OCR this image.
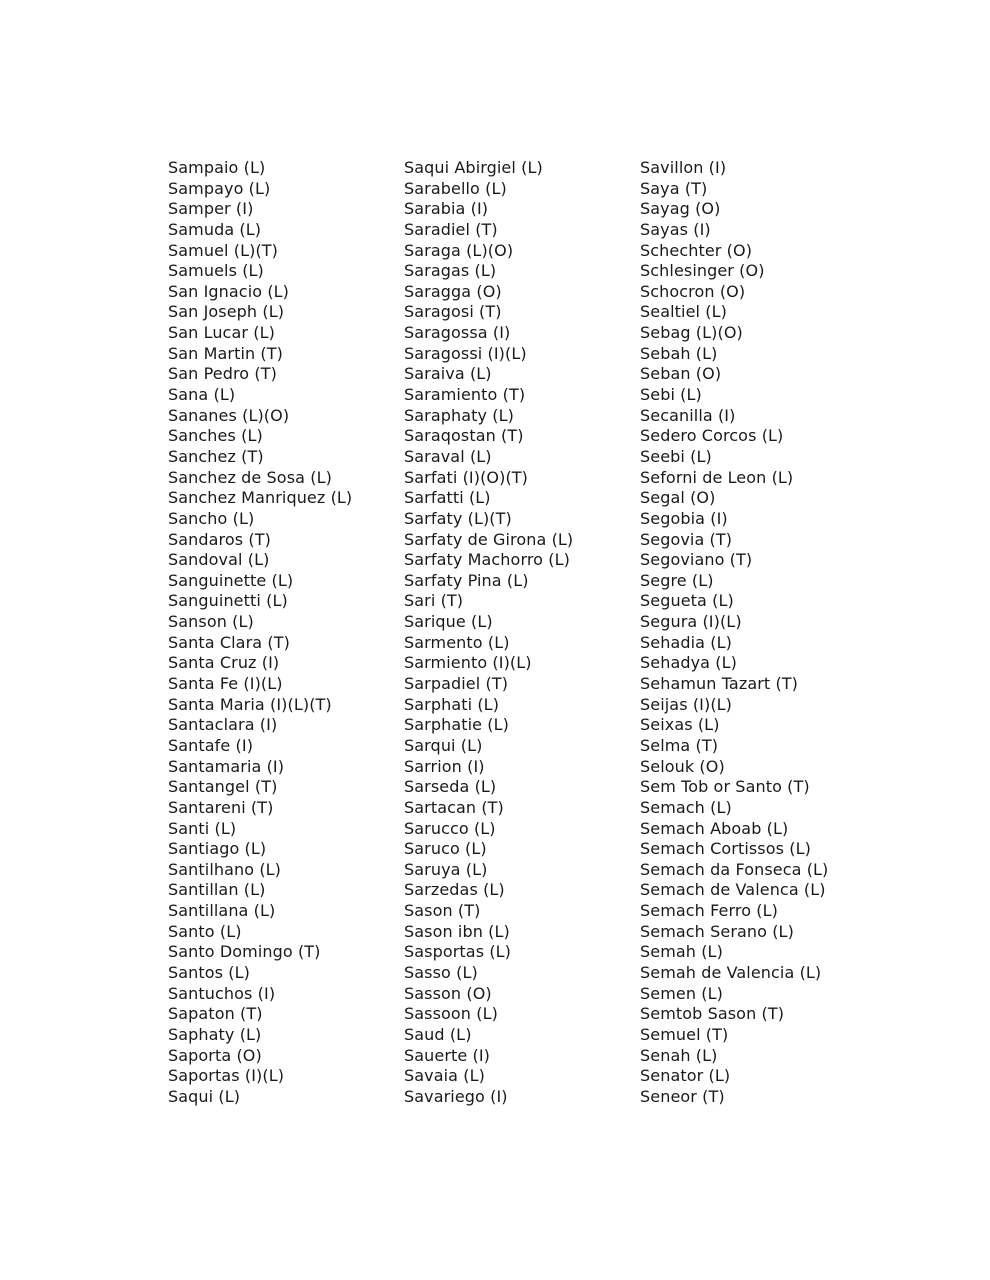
Sampaio (L)
Sampayo (L)
Samper (I)
Samuda (L)
Samuel (L)(T)
Samuels (L)
San Ignacio (L)
San Joseph (L)
San Lucar (L)
San Martin (T)
San Pedro (T)
Sana (L)
Sananes (L)(O)
Sanches (L)
Sanchez (T)
Sanchez de Sosa (L)
Sanchez Manriquez (L)
Sancho (L)
Sandaros (T)
Sandoval (L)
Sanguinette (L)
Sanguinetti (L)
Sanson (L)
Santa Clara (T)
Santa Cruz (I)
Santa Fe (I)(L)
Santa Maria (I)(L)(T)
Santaclara (I)
Santafe (I)
Santamaria (I)
Santangel (T)
Santareni (T)
Santi (L)
Santiago (L)
Santilhano (L)
Santillan (L)
Santillana (L)
Santo (L)
Santo Domingo (T)
Santos (L)
Santuchos (I)
Sapaton (T)
Saphaty (L)
Saporta (O)
Saportas (I)(L)
Saqui (L)
Saqui Abirgiel (L)
Sarabello (L)
Sarabia (I)
Saradiel (T)
Saraga (L)(O)
Saragas (L)
Saragga (O)
Saragosi (T)
Saragossa (I)
Saragossi (I)(L)
Saraiva (L)
Saramiento (T)
Saraphaty (L)
Saraqostan (T)
Saraval (L)
Sarfati (I)(O)(T)
Sarfatti (L)
Sarfaty (L)(T)
Sarfaty de Girona (L)
Sarfaty Machorro (L)
Sarfaty Pina (L)
Sari (T)
Sarique (L)
Sarmento (L)
Sarmiento (I)(L)
Sarpadiel (T)
Sarphati (L)
Sarphatie (L)
Sarqui (L)
Sarrion (I)
Sarseda (L)
Sartacan (T)
Sarucco (L)
Saruco (L)
Saruya (L)
Sarzedas (L)
Sason (T)
Sason ibn (L)
Sasportas (L)
Sasso (L)
Sasson (O)
Sassoon (L)
Saud (L)
Sauerte (I)
Savaia (L)
Savariego (I)
Savillon (I)
Saya (T)
Sayag (O)
Sayas (I)
Schechter (O)
Schlesinger (O)
Schocron (O)
Sealtiel (L)
Sebag (L)(O)
Sebah (L)
Seban (O)
Sebi (L)
Secanilla (I)
Sedero Corcos (L)
Seebi (L)
Seforni de Leon (L)
Segal (O)
Segobia (I)
Segovia (T)
Segoviano (T)
Segre (L)
Segueta (L)
Segura (I)(L)
Sehadia (L)
Sehadya (L)
Sehamun Tazart (T)
Seijas (I)(L)
Seixas (L)
Selma (T)
Selouk (O)
Sem Tob or Santo (T)
Semach (L)
Semach Aboab (L)
Semach Cortissos (L)
Semach da Fonseca (L)
Semach de Valenca (L)
Semach Ferro (L)
Semach Serano (L)
Semah (L)
Semah de Valencia (L)
Semen (L)
Semtob Sason (T)
Semuel (T)
Senah (L)
Senator (L)
Seneor (T)
